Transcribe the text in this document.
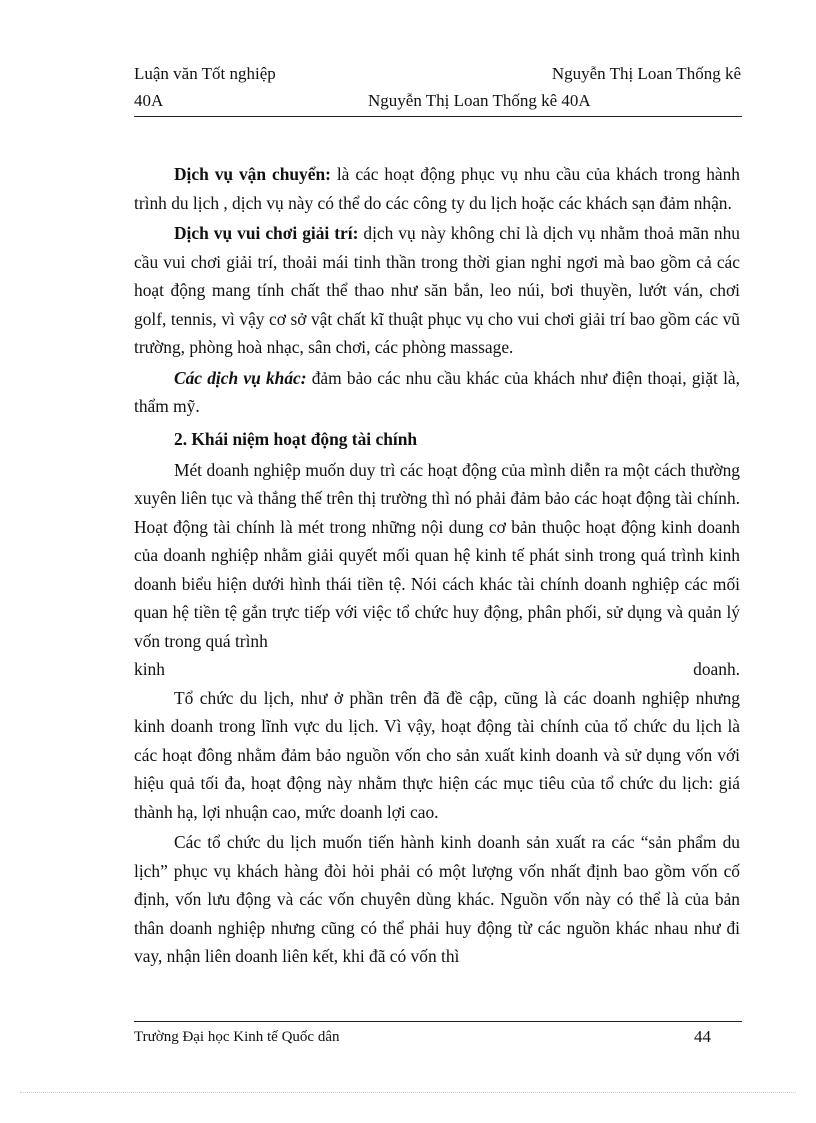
Luận văn Tốt nghiệp	Nguyễn Thị Loan Thống kê
40A	Nguyễn Thị Loan Thống kê 40A

Dịch vụ vận chuyển: là các hoạt động phục vụ nhu cầu của khách trong hành trình du lịch , dịch vụ này có thể do các công ty du lịch hoặc các khách sạn đảm nhận.

Dịch vụ vui chơi giải trí: dịch vụ này không chỉ là dịch vụ nhằm thoả mãn nhu cầu vui chơi giải trí, thoải mái tinh thần trong thời gian nghỉ ngơi mà bao gồm cả các hoạt động mang tính chất thể thao như săn bắn, leo núi, bơi thuyền, lướt ván, chơi golf, tennis, vì vậy cơ sở vật chất kĩ thuật phục vụ cho vui chơi giải trí bao gồm các vũ trường, phòng hoà nhạc, sân chơi, các phòng massage.

Các dịch vụ khác: đảm bảo các nhu cầu khác của khách như điện thoại, giặt là, thẩm mỹ.

2. Khái niệm hoạt động tài chính

Mét doanh nghiệp muốn duy trì các hoạt động của mình diễn ra một cách thường xuyên liên tục và thắng thế trên thị trường thì nó phải đảm bảo các hoạt động tài chính. Hoạt động tài chính là mét trong những nội dung cơ bản thuộc hoạt động kinh doanh của doanh nghiệp nhằm giải quyết mối quan hệ kinh tế phát sinh trong quá trình kinh doanh biểu hiện dưới hình thái tiền tệ. Nói cách khác tài chính doanh nghiệp các mối quan hệ tiền tệ gắn trực tiếp với việc tổ chức huy động, phân phối, sử dụng và quản lý vốn trong quá trình

kinh	doanh.

Tổ chức du lịch, như ở phần trên đã đề cập, cũng là các doanh nghiệp nhưng kinh doanh trong lĩnh vực du lịch. Vì vậy, hoạt động tài chính của tổ chức du lịch là các hoạt đông nhằm đảm bảo nguồn vốn cho sản xuất kinh doanh và sử dụng vốn với hiệu quả tối đa, hoạt động này nhằm thực hiện các mục tiêu của tổ chức du lịch: giá thành hạ, lợi nhuận cao, mức doanh lợi cao.

Các tổ chức du lịch muốn tiến hành kinh doanh sản xuất ra các “sản phẩm du lịch” phục vụ khách hàng đòi hỏi phải có một lượng vốn nhất định bao gồm vốn cố định, vốn lưu động và các vốn chuyên dùng khác. Nguồn vốn này có thể là của bản thân doanh nghiệp nhưng cũng có thể phải huy động từ các nguồn khác nhau như đi vay, nhận liên doanh liên kết, khi đã có vốn thì

Trường Đại học Kinh tế Quốc dân	44
